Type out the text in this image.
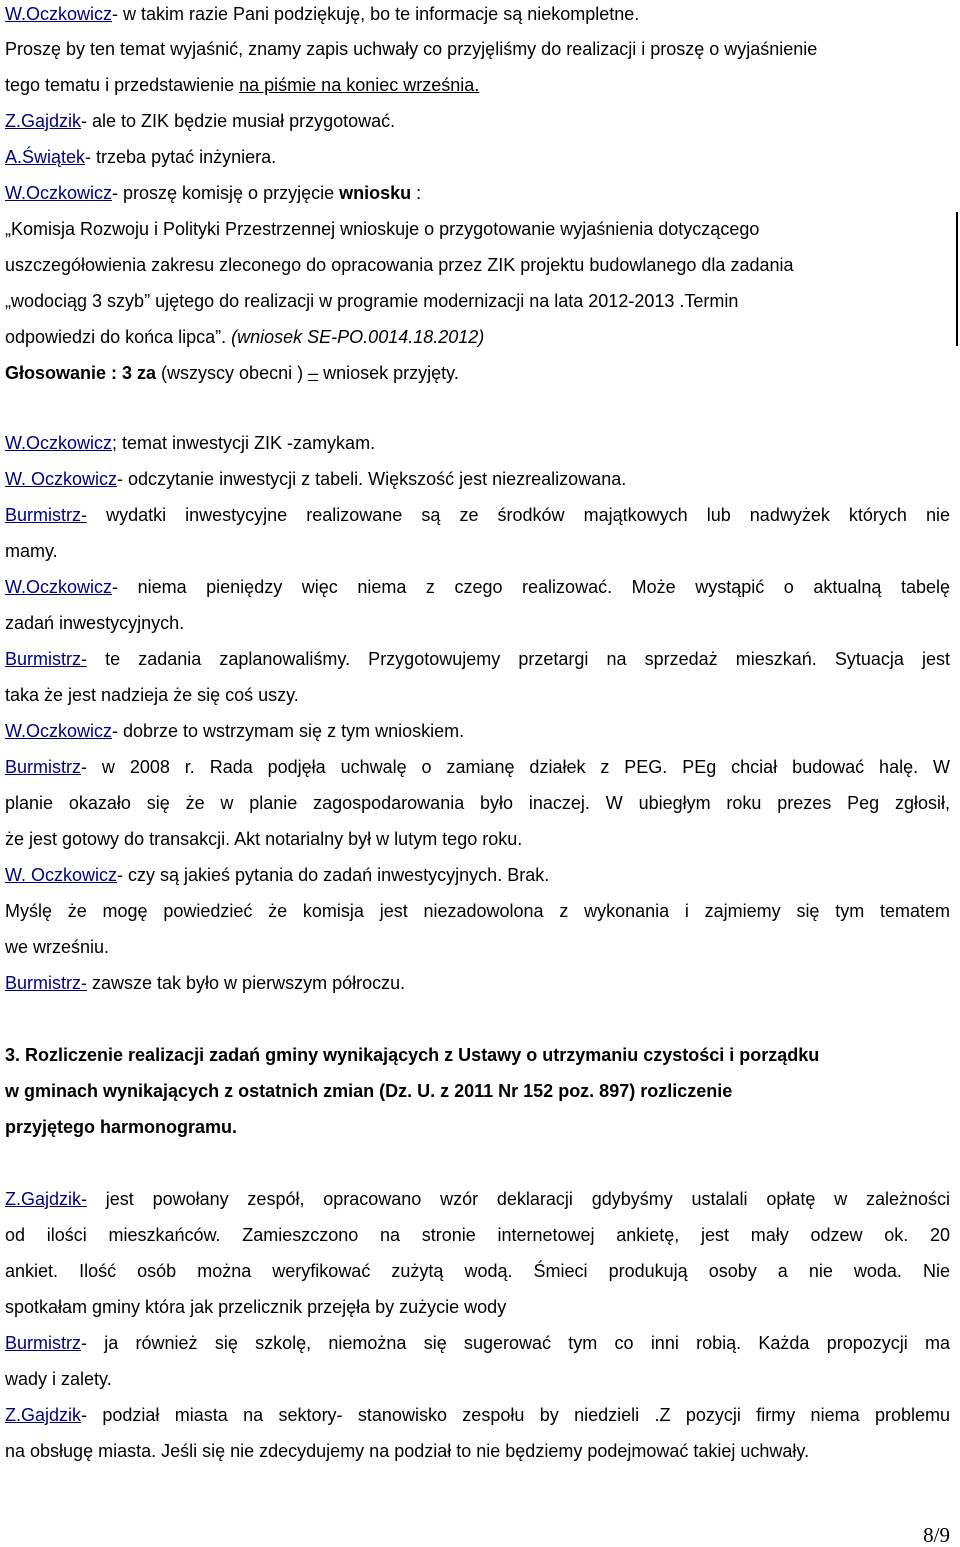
W.Oczkowicz- w takim razie Pani podziękuję, bo te informacje są niekompletne.
Proszę by ten temat wyjaśnić, znamy zapis uchwały co przyjęliśmy do realizacji i proszę o wyjaśnienie
tego tematu i przedstawienie na piśmie na koniec września.
Z.Gajdzik- ale to ZIK będzie musiał przygotować.
A.Świątek- trzeba pytać inżyniera.
W.Oczkowicz- proszę komisję o przyjęcie wniosku :
„Komisja Rozwoju i Polityki Przestrzennej wnioskuje o przygotowanie wyjaśnienia dotyczącego
uszczegółowienia zakresu zleconego do opracowania przez ZIK projektu budowlanego dla zadania
„wodociąg 3 szyb” ujętego do realizacji w programie modernizacji na lata 2012-2013 .Termin
odpowiedzi do końca lipca”. (wniosek SE-PO.0014.18.2012)
Głosowanie : 3 za (wszyscy obecni ) – wniosek przyjęty.
W.Oczkowicz; temat inwestycji ZIK -zamykam.
W. Oczkowicz- odczytanie inwestycji z tabeli. Większość jest niezrealizowana.
Burmistrz- wydatki inwestycyjne realizowane są ze środków majątkowych lub nadwyżek których nie
mamy.
W.Oczkowicz- niema pieniędzy więc niema z czego realizować. Może wystąpić o aktualną tabelę
zadań inwestycyjnych.
Burmistrz- te zadania zaplanowaliśmy. Przygotowujemy przetargi na sprzedaż mieszkań. Sytuacja jest
taka że jest nadzieja że się coś uszy.
W.Oczkowicz- dobrze to wstrzymam się z tym wnioskiem.
Burmistrz- w 2008 r. Rada podjęła uchwalę o zamianę działek z PEG. PEg chciał budować halę. W
planie okazało się że w planie zagospodarowania było inaczej. W ubiegłym roku prezes Peg zgłosił,
że jest gotowy do transakcji. Akt notarialny był w lutym tego roku.
W. Oczkowicz- czy są jakieś pytania do zadań inwestycyjnych. Brak.
Myślę że mogę powiedzieć że komisja jest niezadowolona z wykonania i zajmiemy się tym tematem
we wrześniu.
Burmistrz- zawsze tak było w pierwszym półroczu.
3. Rozliczenie realizacji zadań gminy wynikających z Ustawy o utrzymaniu czystości i porządku
w gminach wynikających z ostatnich zmian (Dz. U. z 2011 Nr 152 poz. 897) rozliczenie
przyjętego harmonogramu.
Z.Gajdzik- jest powołany zespół, opracowano wzór deklaracji gdybyśmy ustalali opłatę w zależności
od ilości mieszkańców. Zamieszczono na stronie internetowej ankietę, jest mały odzew ok. 20
ankiet. Ilość osób można weryfikować zużytą wodą. Śmieci produkują osoby a nie woda. Nie
spotkałam gminy która jak przelicznik przejęła by zużycie wody
Burmistrz- ja również się szkolę, niemożna się sugerować tym co inni robią. Każda propozycji ma
wady i zalety.
Z.Gajdzik- podział miasta na sektory- stanowisko zespołu by niedzieli .Z pozycji firmy niema problemu
na obsługę miasta. Jeśli się nie zdecydujemy na podział to nie będziemy podejmować takiej uchwały.
8/9
